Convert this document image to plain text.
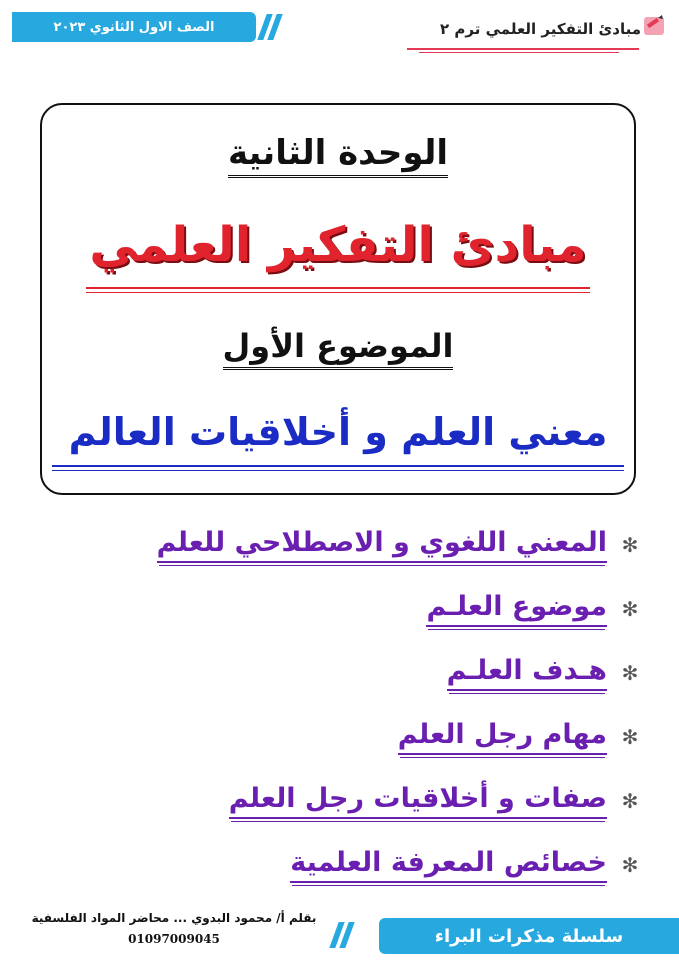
مبادئ التفكير العلمي ترم ٢
الصف الاول الثانوي ٢٠٢٣
الوحدة الثانية
مبادئ التفكير العلمي
الموضوع الأول
معني العلم و أخلاقيات العالم
✻
المعني اللغوي و الاصطلاحي للعلم
✻
موضوع العلـم
✻
هـدف العلـم
✻
مهام رجل العلم
✻
صفات و أخلاقيات رجل العلم
✻
خصائص المعرفة العلمية
بقلم أ/ محمود البدوي ... محاضر المواد الفلسفية
01097009045	سلسلة مذكرات البراء
